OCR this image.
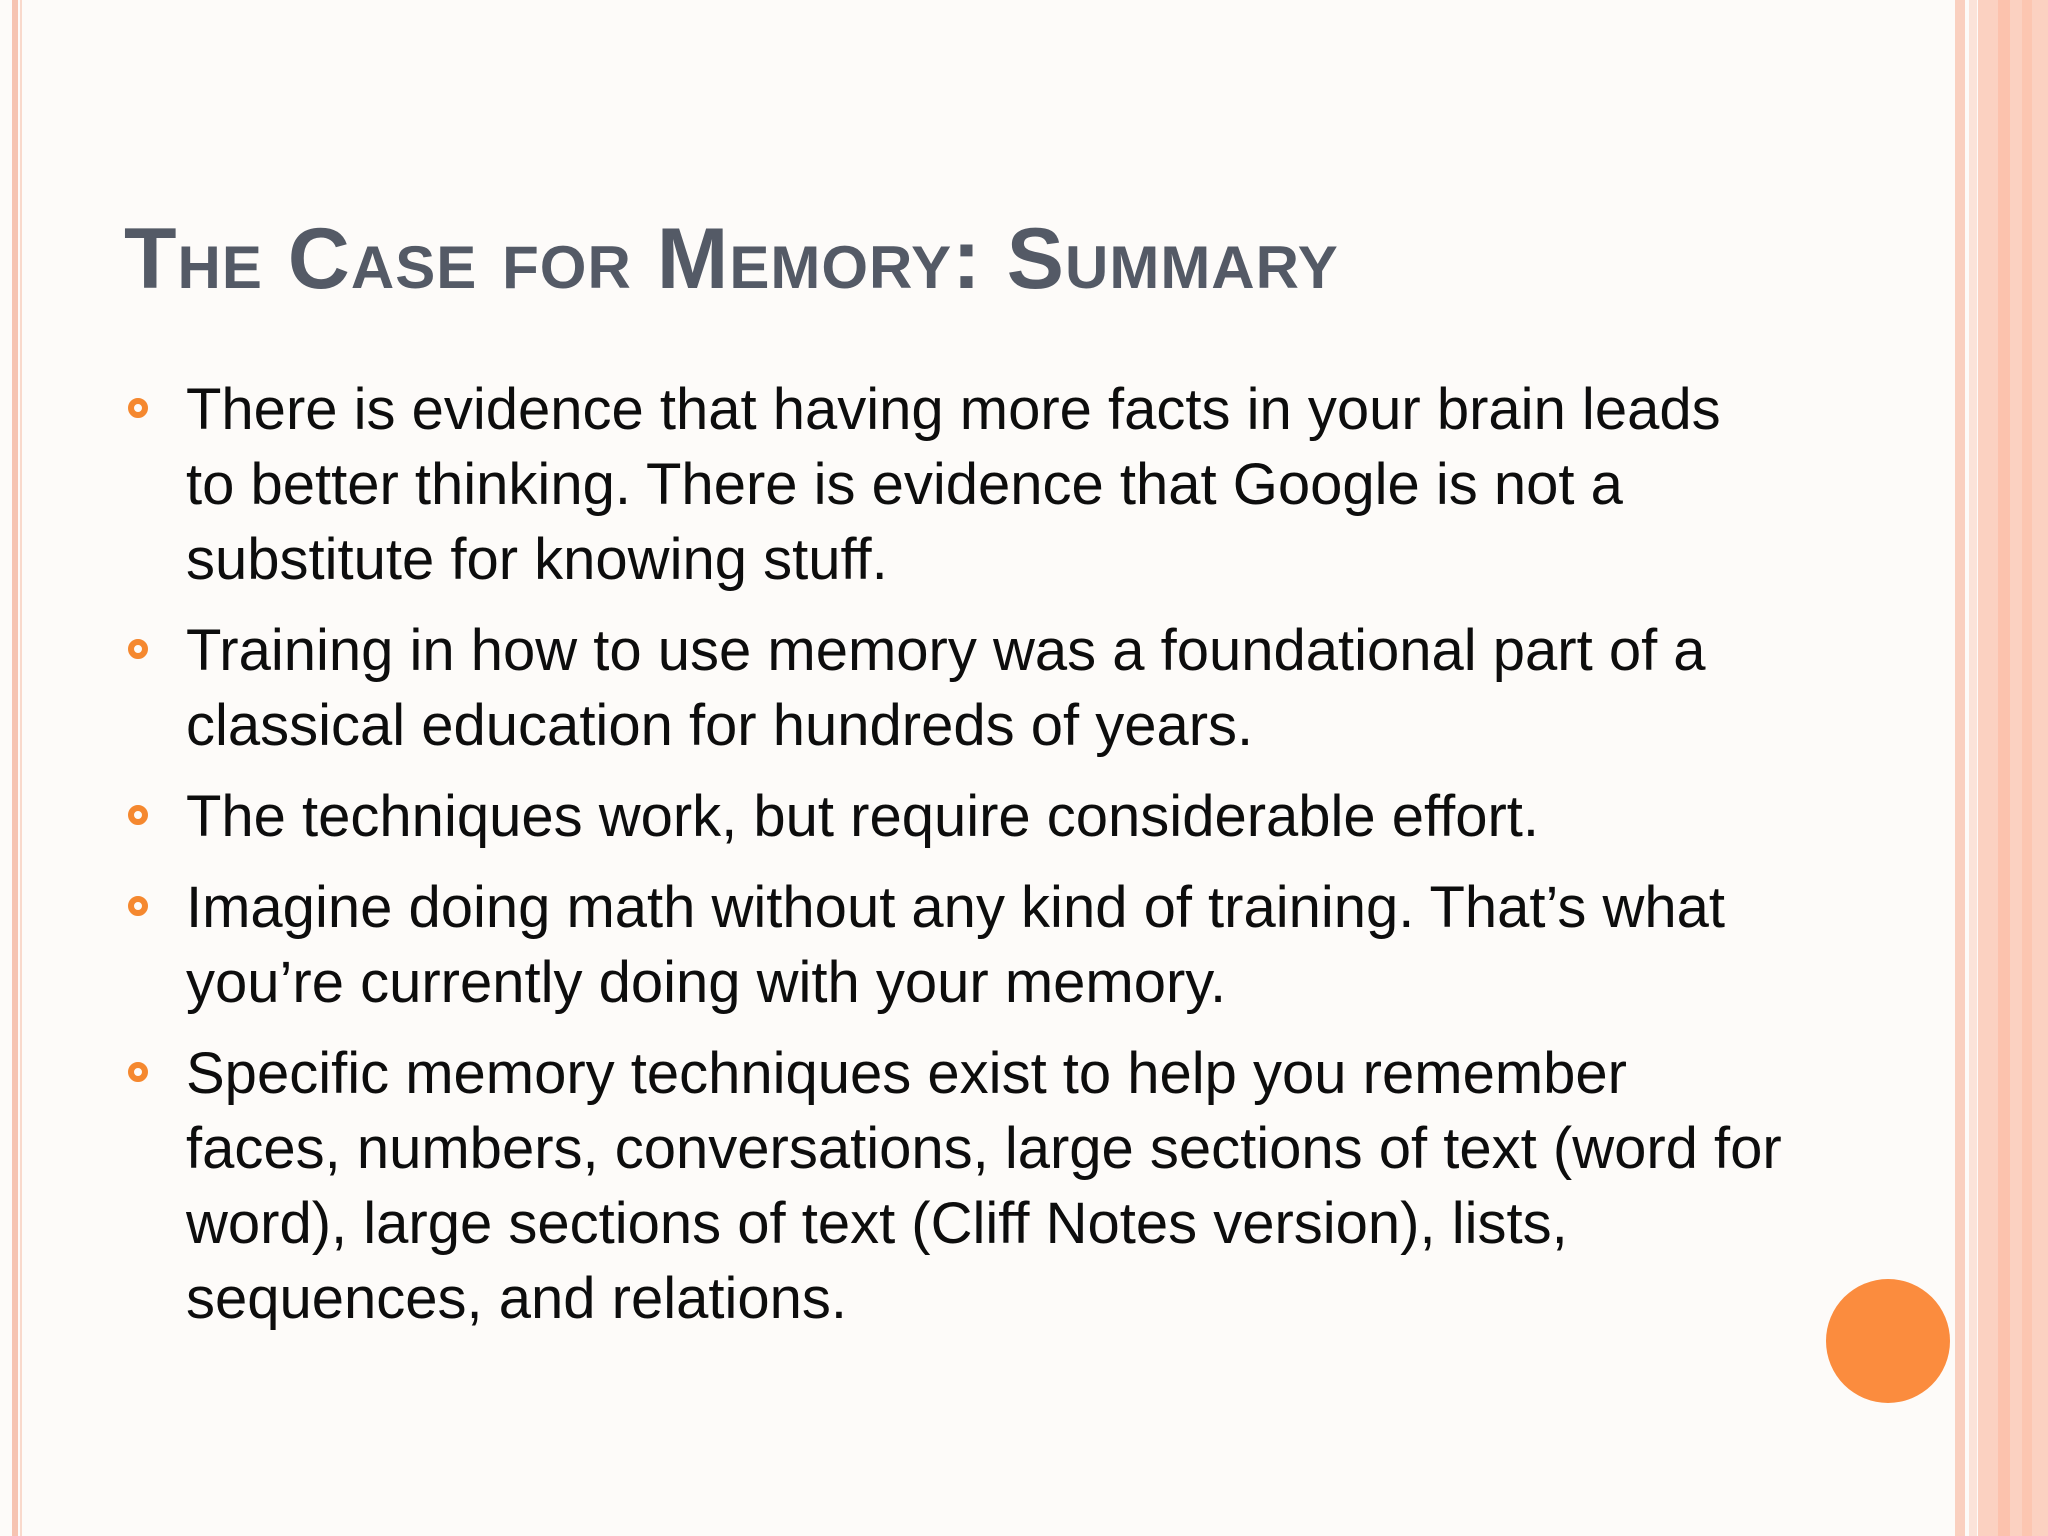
The Case for Memory: Summary
There is evidence that having more facts in your brain leads to better thinking. There is evidence that Google is not a substitute for knowing stuff.
Training in how to use memory was a foundational part of a classical education for hundreds of years.
The techniques work, but require considerable effort.
Imagine doing math without any kind of training. That’s what you’re currently doing with your memory.
Specific memory techniques exist to help you remember faces, numbers, conversations, large sections of text (word for word), large sections of text (Cliff Notes version), lists, sequences, and relations.
